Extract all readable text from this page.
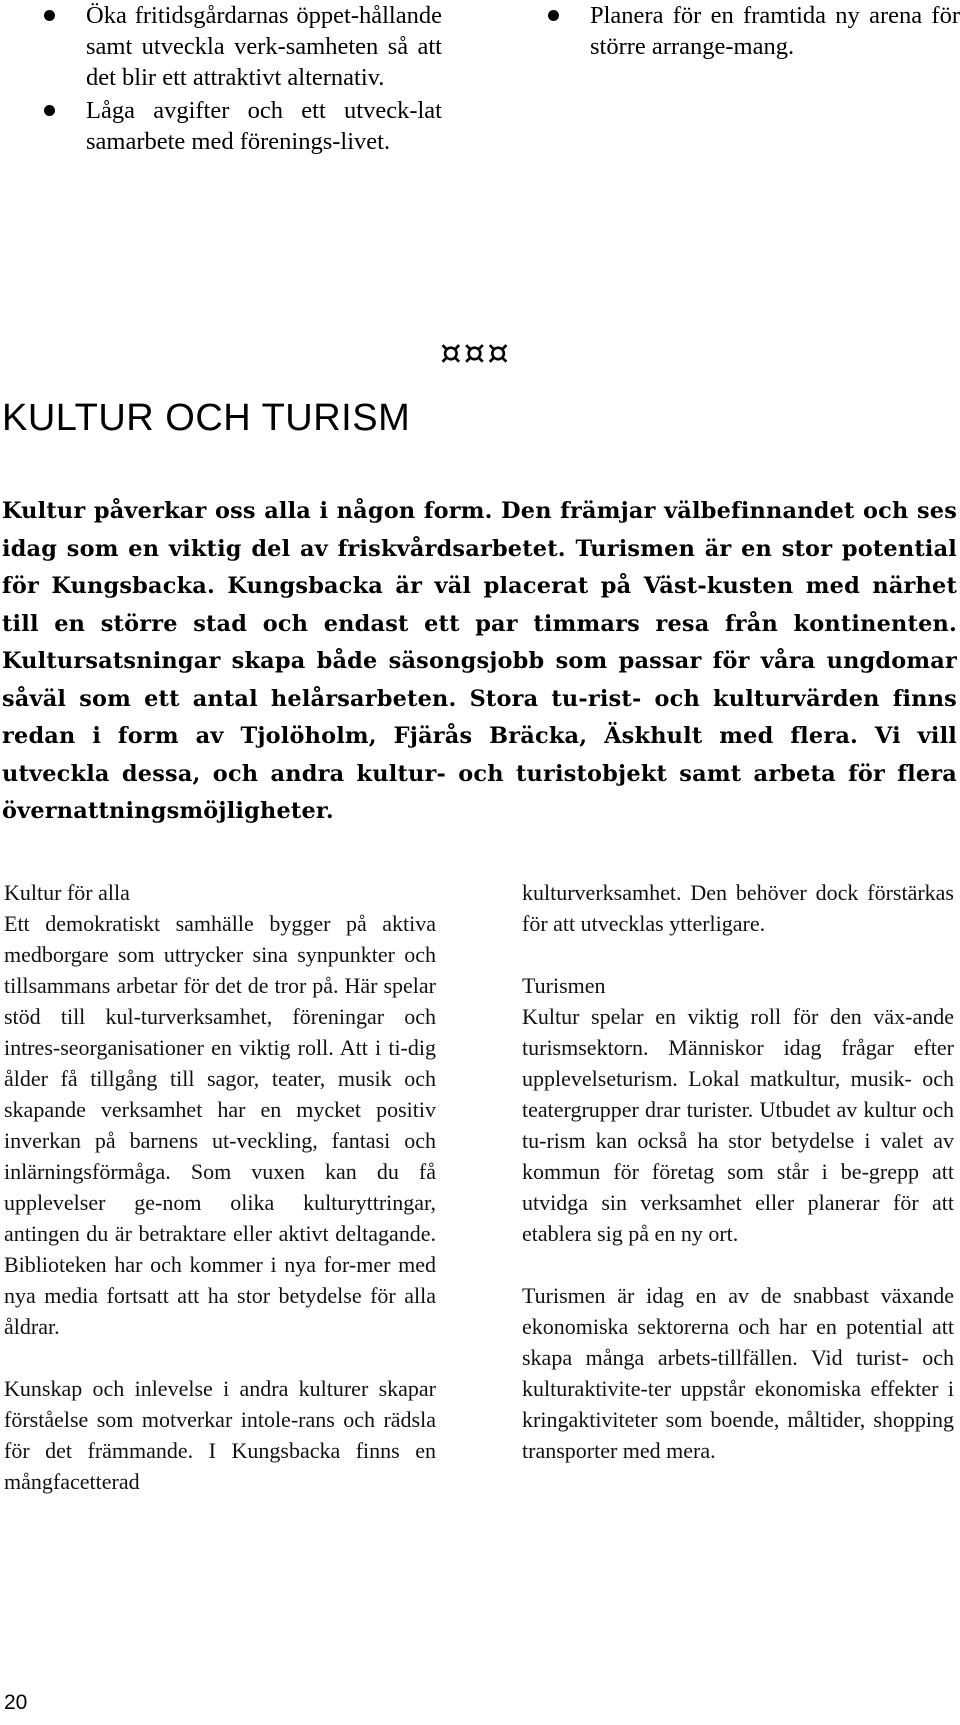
Öka fritidsgårdarnas öppet-hållande samt utveckla verk-samheten så att det blir ett attraktivt alternativ.
Låga avgifter och ett utveck-lat samarbete med förenings-livet.
Planera för en framtida ny arena för större arrange-mang.
¤¤¤
KULTUR OCH TURISM

Kultur påverkar oss alla i någon form. Den främjar välbefinnandet och ses idag som en viktig del av friskvårdsarbetet. Turismen är en stor potential för Kungsbacka. Kungsbacka är väl placerat på Väst-kusten med närhet till en större stad och endast ett par timmars resa från kontinenten. Kultursatsningar skapa både säsongsjobb som passar för våra ungdomar såväl som ett antal helårsarbeten. Stora tu-rist- och kulturvärden finns redan i form av Tjolöholm, Fjärås Bräcka, Äskhult med flera. Vi vill utveckla dessa, och andra kultur- och turistobjekt samt arbeta för flera övernattningsmöjligheter.

Kultur för alla

Ett demokratiskt samhälle bygger på aktiva medborgare som uttrycker sina synpunkter och tillsammans arbetar för det de tror på. Här spelar stöd till kul-turverksamhet, föreningar och intres-seorganisationer en viktig roll. Att i ti-dig ålder få tillgång till sagor, teater, musik och skapande verksamhet har en mycket positiv inverkan på barnens ut-veckling, fantasi och inlärningsförmåga. Som vuxen kan du få upplevelser ge-nom olika kulturyttringar, antingen du är betraktare eller aktivt deltagande. Biblioteken har och kommer i nya for-mer med nya media fortsatt att ha stor betydelse för alla åldrar.

Kunskap och inlevelse i andra kulturer skapar förståelse som motverkar intole-rans och rädsla för det främmande. I Kungsbacka finns en mångfacetterad

kulturverksamhet. Den behöver dock förstärkas för att utvecklas ytterligare.

Turismen

Kultur spelar en viktig roll för den väx-ande turismsektorn. Människor idag frågar efter upplevelseturism. Lokal matkultur, musik- och teatergrupper drar turister. Utbudet av kultur och tu-rism kan också ha stor betydelse i valet av kommun för företag som står i be-grepp att utvidga sin verksamhet eller planerar för att etablera sig på en ny ort.

Turismen är idag en av de snabbast växande ekonomiska sektorerna och har en potential att skapa många arbets-tillfällen. Vid turist- och kulturaktivite-ter uppstår ekonomiska effekter i kringaktiviteter som boende, måltider, shopping transporter med mera.

20
